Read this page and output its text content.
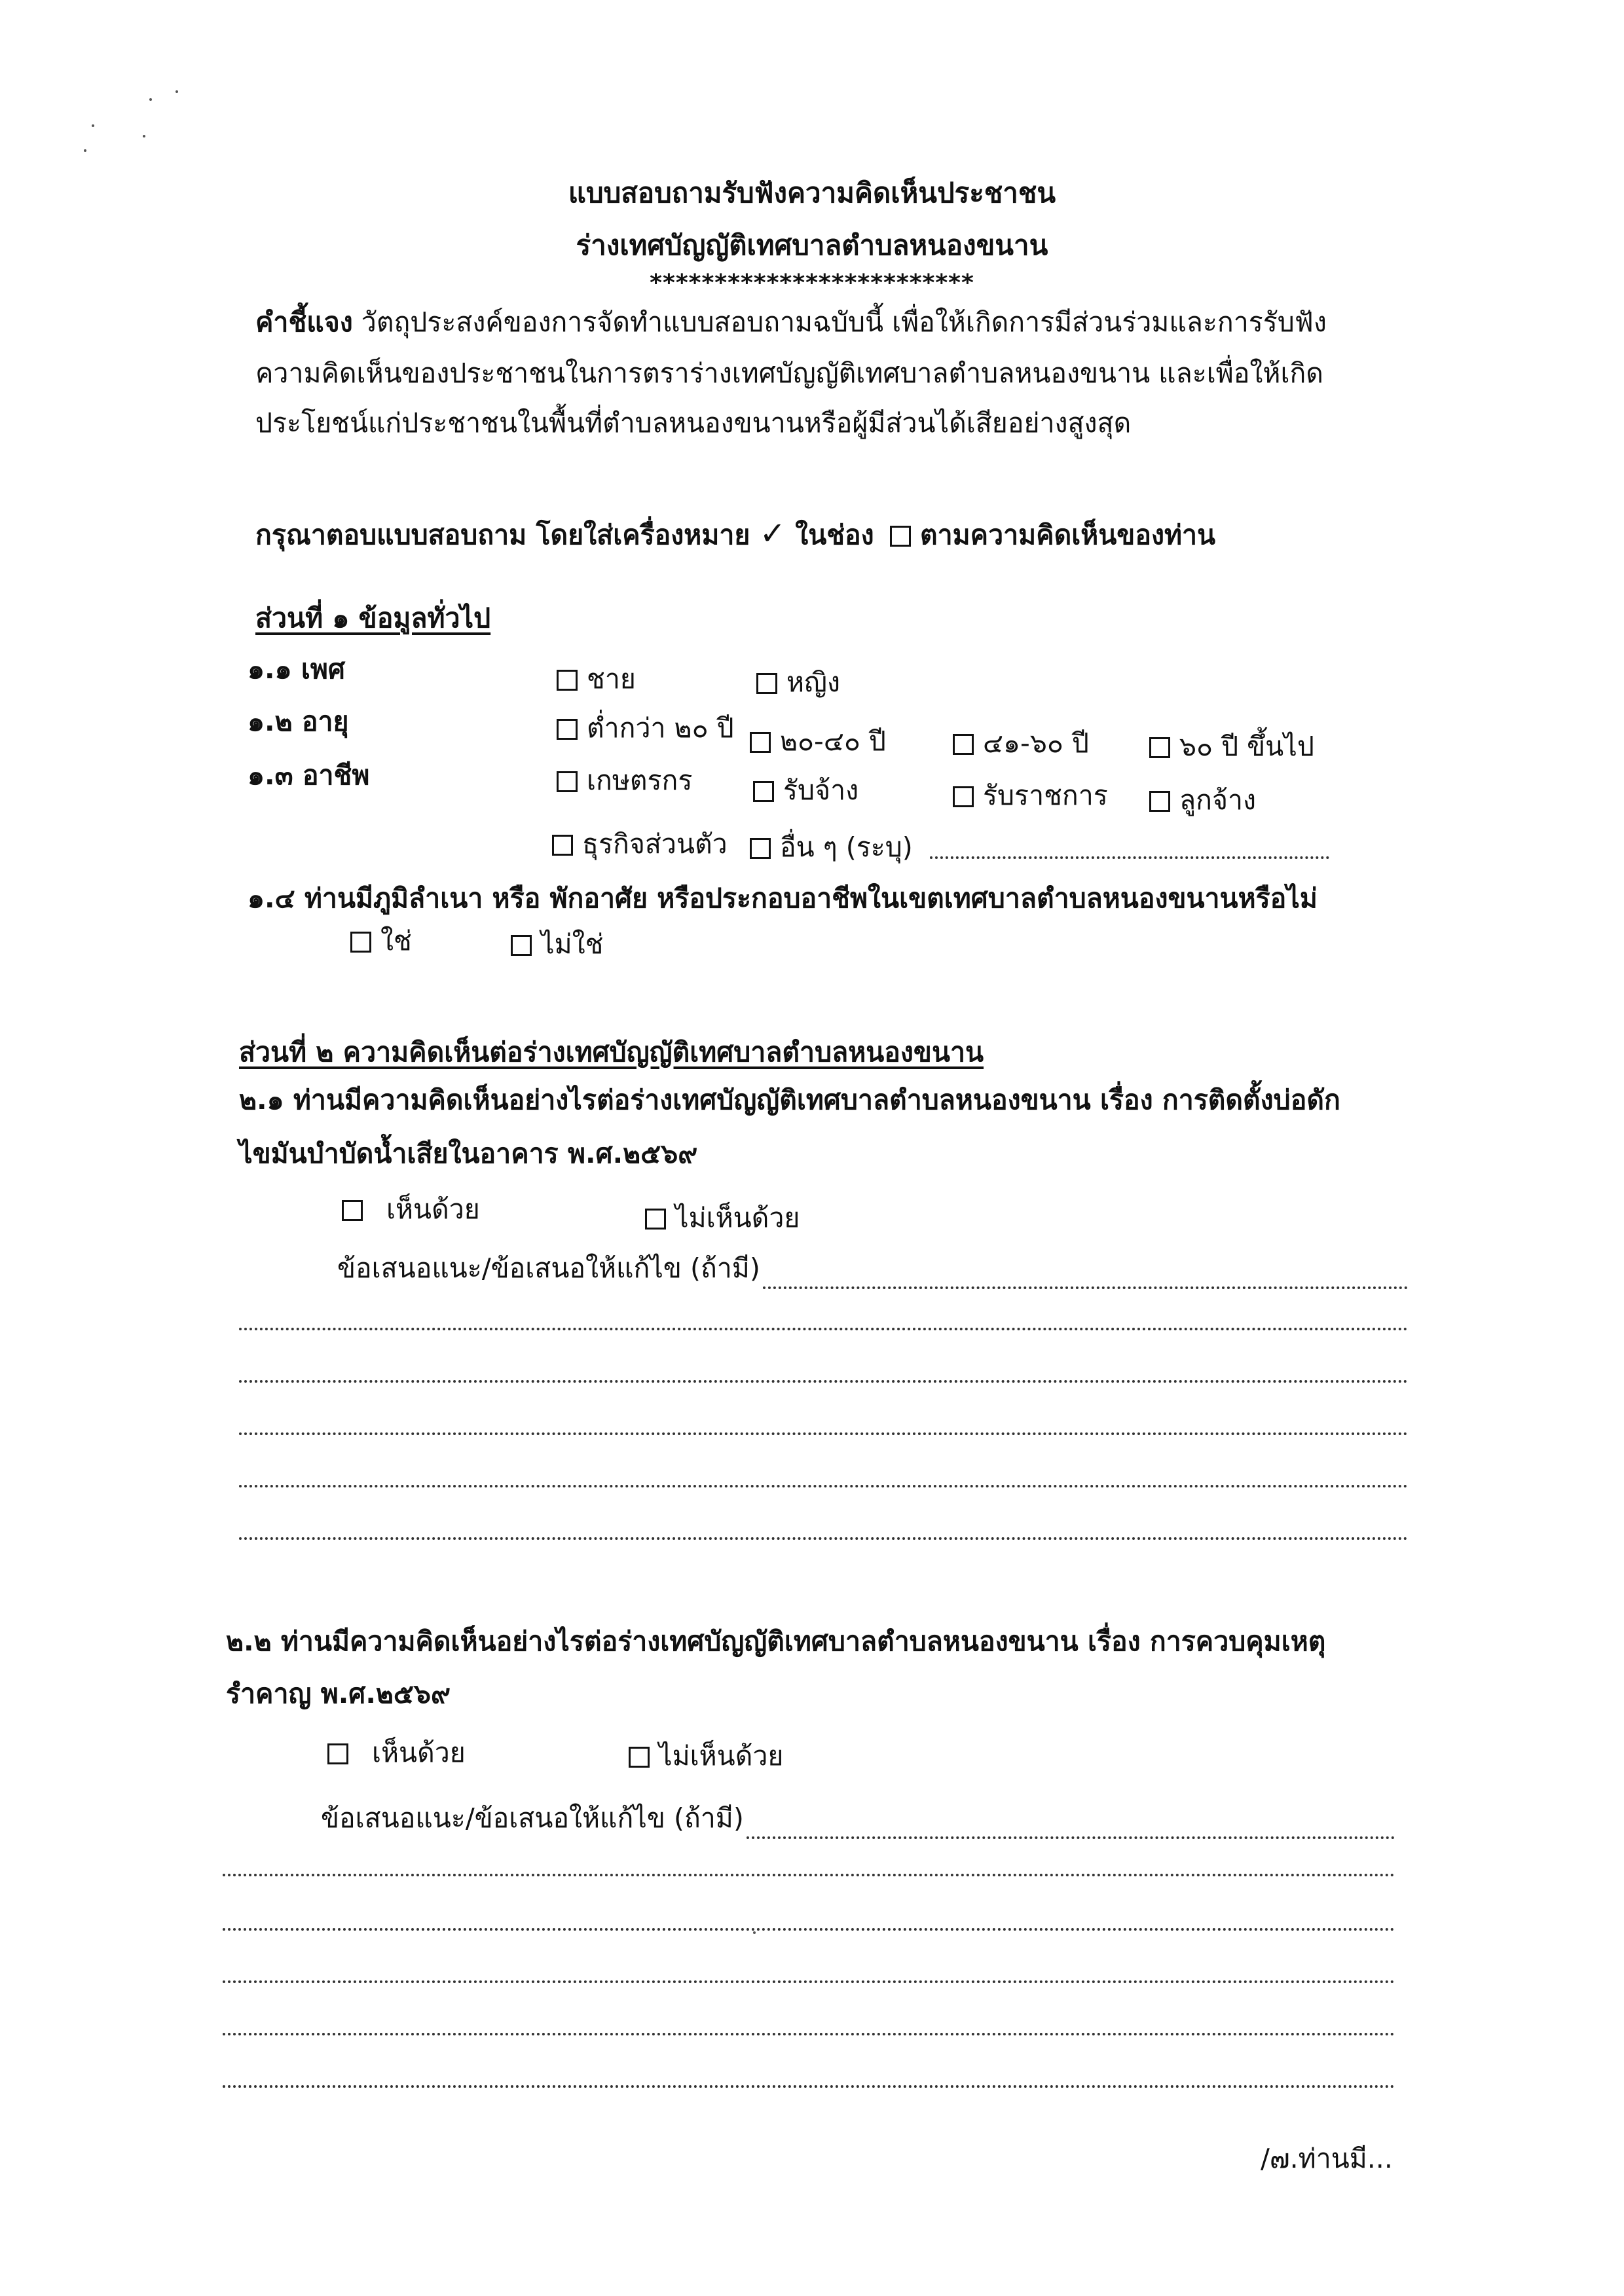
แบบสอบถามรับฟังความคิดเห็นประชาชน
ร่างเทศบัญญัติเทศบาลตำบลหนองขนาน
*************************
คำชี้แจง วัตถุประสงค์ของการจัดทำแบบสอบถามฉบับนี้ เพื่อให้เกิดการมีส่วนร่วมและการรับฟัง
ความคิดเห็นของประชาชนในการตราร่างเทศบัญญัติเทศบาลตำบลหนองขนาน และเพื่อให้เกิด
ประโยชน์แก่ประชาชนในพื้นที่ตำบลหนองขนานหรือผู้มีส่วนได้เสียอย่างสูงสุด
กรุณาตอบแบบสอบถาม โดยใส่เครื่องหมาย ✓ ในช่อง ตามความคิดเห็นของท่าน
ส่วนที่ ๑ ข้อมูลทั่วไป
๑.๑ เพศ	ชาย	หญิง
๑.๒ อายุ	ต่ำกว่า ๒๐ ปี	๒๐-๔๐ ปี	๔๑-๖๐ ปี	๖๐ ปี ขึ้นไป
๑.๓ อาชีพ	เกษตรกร	รับจ้าง	รับราชการ	ลูกจ้าง
ธุรกิจส่วนตัว	อื่น ๆ (ระบุ)
๑.๔ ท่านมีภูมิลำเนา หรือ พักอาศัย หรือประกอบอาชีพในเขตเทศบาลตำบลหนองขนานหรือไม่
ใช่	ไม่ใช่
ส่วนที่ ๒ ความคิดเห็นต่อร่างเทศบัญญัติเทศบาลตำบลหนองขนาน
๒.๑ ท่านมีความคิดเห็นอย่างไรต่อร่างเทศบัญญัติเทศบาลตำบลหนองขนาน เรื่อง การติดตั้งบ่อดัก
ไขมันบำบัดน้ำเสียในอาคาร พ.ศ.๒๕๖๙
เห็นด้วย	ไม่เห็นด้วย
ข้อเสนอแนะ/ข้อเสนอให้แก้ไข (ถ้ามี)
๒.๒ ท่านมีความคิดเห็นอย่างไรต่อร่างเทศบัญญัติเทศบาลตำบลหนองขนาน เรื่อง การควบคุมเหตุ
รำคาญ พ.ศ.๒๕๖๙
เห็นด้วย	ไม่เห็นด้วย
ข้อเสนอแนะ/ข้อเสนอให้แก้ไข (ถ้ามี)
/๗.ท่านมี...
